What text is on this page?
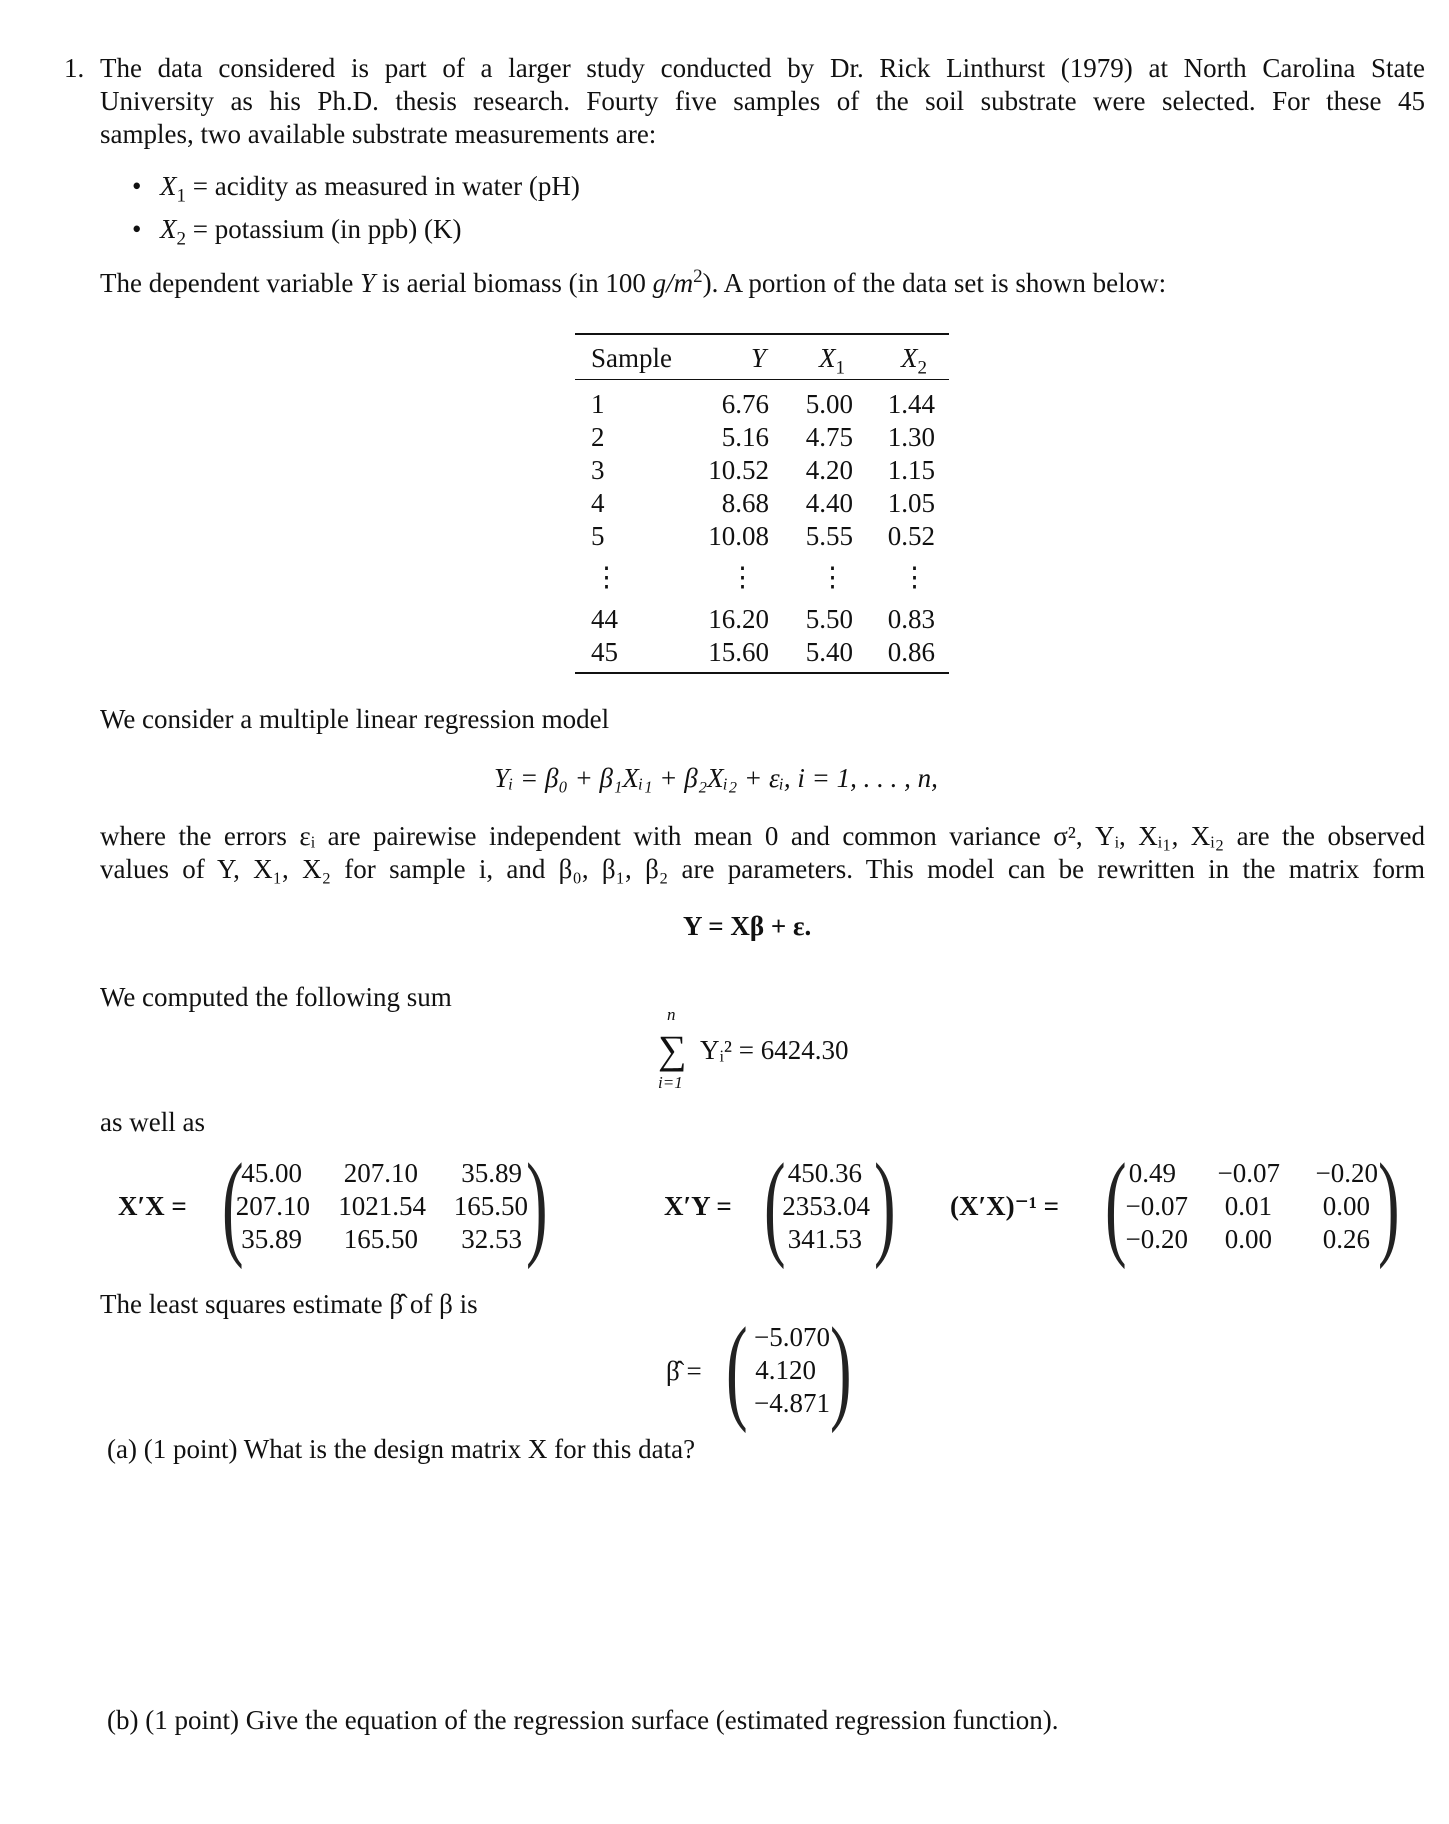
1. The data considered is part of a larger study conducted by Dr. Rick Linthurst (1979) at North Carolina State
University as his Ph.D. thesis research. Fourty five samples of the soil substrate were selected. For these 45
samples, two available substrate measurements are:
• $X_1$ = acidity as measured in water (pH)
• $X_2$ = potassium (in ppb) (K)
The dependent variable Y is aerial biomass (in 100 $g/m^2$). A portion of the data set is shown below:
Sample	Y $X_1$ $X_2$
1	6.76 5.00 1.44
2	5.16 4.75 1.30
3	10.52 4.20 1.15
4	8.68 4.40 1.05
5	10.08 5.55 0.52
⋮	⋮ ⋮ ⋮
44	16.20 5.50 0.83
45	15.60 5.40 0.86
We consider a multiple linear regression model
Yᵢ = β₀ + β₁Xᵢ₁ + β₂Xᵢ₂ + εᵢ, i = 1, . . . , n,
where the errors εᵢ are pairewise independent with mean 0 and common variance σ², Yᵢ, Xᵢ₁, Xᵢ₂ are the observed
values of Y, X₁, X₂ for sample i, and β₀, β₁, β₂ are parameters. This model can be rewritten in the matrix form
Y = Xβ + ε.
We computed the following sum
n
∑
i=1
Yᵢ² = 6424.30
as well as
X′X = (
45.00	207.10	35.89
207.10	1021.54	165.50
35.89	165.50	32.53 )	X′Y = ( 450.36
2353.04
341.53 ) (X′X)⁻¹ = ( 0.49	−0.07	−0.20
−0.07	0.01	0.00
−0.20	0.00	0.26 )
The least squares estimate β̂ of β is
β̂ = ( −5.070
4.120
−4.871 )
(a) (1 point) What is the design matrix X for this data?
(b) (1 point) Give the equation of the regression surface (estimated regression function).
